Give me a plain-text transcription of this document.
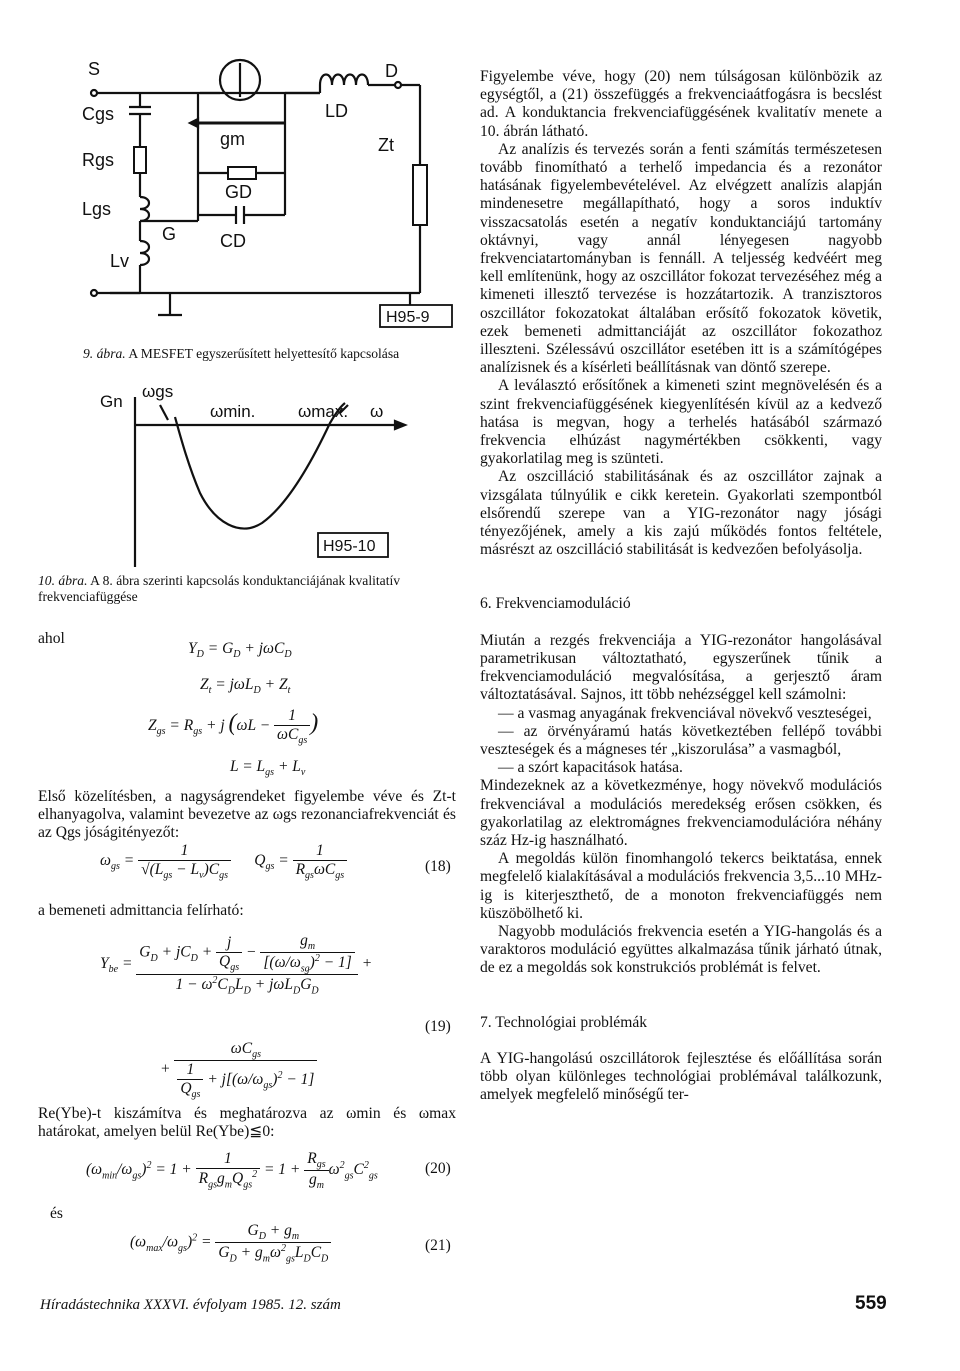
S	D
Cgs
Rgs
Lgs
Lv
G
gm
GD
CD
LD
Zt
H95-9
9. ábra. A MESFET egyszerűsített helyettesítő kapcsolása
Gn
ωgs
ωmin.	ωmax. ω
H95-10
10. ábra. A 8. ábra szerinti kapcsolás konduktanciájának kvalitatív frekvenciafüggése
ahol
$Y_D = G_D + j\omega C_D$
$Z_t = j\omega L_D + Z_t$
$Z_{gs} = R_{gs} + j$ ($\omega L - \frac{1}{\omega C_{gs}}$ )
$L = L_{gs} + L_v$
Első közelítésben, a nagyságrendeket figyelembe véve és Zt-t elhanyagolva, valamint bevezetve az ωgs rezonanciafrekvenciát és az Qgs jóságitényezőt:
$\omega_{gs} = \frac{1}{√(L_{gs} - L_v)C_{gs}} Q_{gs} = \frac{1}{R_{gs}\omega C_{gs}}$	(18)
a bemeneti admittancia felírható:
$Y_{be} = \frac{G_D + jC_D + \frac{j}{Q_{gs}} - \frac{g_m}{[(\omega/\omega_{sg})^2 - 1]}}{1 - \omega^2C_DL_D + j\omega L_DG_D}$ +
(19)
+ $\frac{\omega C_{gs}}{\frac{1}{Q_{gs}} + j[(\omega/\omega_{gs})^2 - 1]}$
Re(Ybe)-t kiszámítva és meghatározva az ωmin és ωmax határokat, amelyen belül Re(Ybe)≦0:
$(\omega_{min}/\omega_{gs})^2 = 1 + \frac{1}{R_{gs}g_mQ_{gs}^2} = 1 + \frac{R_{gs}}{g_m} \omega^2_{gs}C^2_{gs}$	(20)
és
$(\omega_{max}/\omega_{gs})^2 = \frac{G_D + g_m}{G_D + g_m\omega^2_{gs}L_DC_D}$	(21)

Figyelembe véve, hogy (20) nem túlságosan különbözik az egységtől, a (21) összefüggés a frekvenciaátfogásra is becslést ad. A konduktancia frekvenciafüggésének kvalitatív menete a 10. ábrán látható.

Az analízis és tervezés során a fenti számítás természetesen tovább finomítható a terhelő impedancia és a rezonátor hatásának figyelembevételével. Az elvégzett analízis alapján mindenesetre megállapítható, hogy a soros induktív visszacsatolás esetén a negatív konduktanciájú tartomány oktávnyi, vagy annál lényegesen nagyobb frekvenciatartományban is fennáll. A teljesség kedvéért meg kell említenünk, hogy az oszcillátor fokozat tervezéséhez még a kimeneti illesztő tervezése is hozzátartozik. A tranzisztoros oszcillátor fokozatokat általában erősítő fokozatok követik, ezek bemeneti admittanciáját az oszcillátor fokozathoz illeszteni. Szélessávú oszcillátor esetében itt is a számítógépes analízisnek és a kísérleti beállításnak van döntő szerepe.

A leválasztó erősítőnek a kimeneti szint megnövelésén és a szint frekvenciafüggésének kiegyenlítésén kívül az a kedvező hatása is megvan, hogy a terhelés hatásából származó frekvencia elhúzást nagymértékben csökkenti, vagy gyakorlatilag meg is szünteti.

Az oszcilláció stabilitásának és az oszcillátor zajnak a vizsgálata túlnyúlik e cikk keretein. Gyakorlati szempontból elsőrendű szerepe van a YIG-rezonátor nagy jósági tényezőjének, amely a kis zajú működés fontos feltétele, másrészt az oszcilláció stabilitását is kedvezően befolyásolja.

6. Frekvenciamoduláció

Miután a rezgés frekvenciája a YIG-rezonátor hangolásával parametrikusan változtatható, egyszerűnek tűnik a frekvenciamoduláció megvalósítása, a gerjesztő áram változtatásával. Sajnos, itt több nehézséggel kell számolni:

— a vasmag anyagának frekvenciával növekvő veszteségei,

— az örvényáramú hatás következtében fellépő további veszteségek és a mágneses tér „kiszorulása” a vasmagból,

— a szórt kapacitások hatása.

Mindezeknek az a következménye, hogy növekvő modulációs frekvenciával a modulációs meredekség erősen csökken, és gyakorlatilag az elektromágnes frekvenciamodulációra néhány száz Hz-ig használható.

A megoldás külön finomhangoló tekercs beiktatása, ennek megfelelő kialakításával a modulációs frekvencia 3,5...10 MHz-ig is kiterjeszthető, de a monoton frekvenciafüggés nem küszöbölhető ki.

Nagyobb modulációs frekvencia esetén a YIG-hangolás és a varaktoros moduláció együttes alkalmazása tűnik járható útnak, de ez a megoldás sok konstrukciós problémát is felvet.

7. Technológiai problémák

A YIG-hangolású oszcillátorok fejlesztése és előállítása során több olyan különleges technológiai problémával találkozunk, amelyek megfelelő minőségű ter-

Híradástechnika XXXVI. évfolyam 1985. 12. szám	559
